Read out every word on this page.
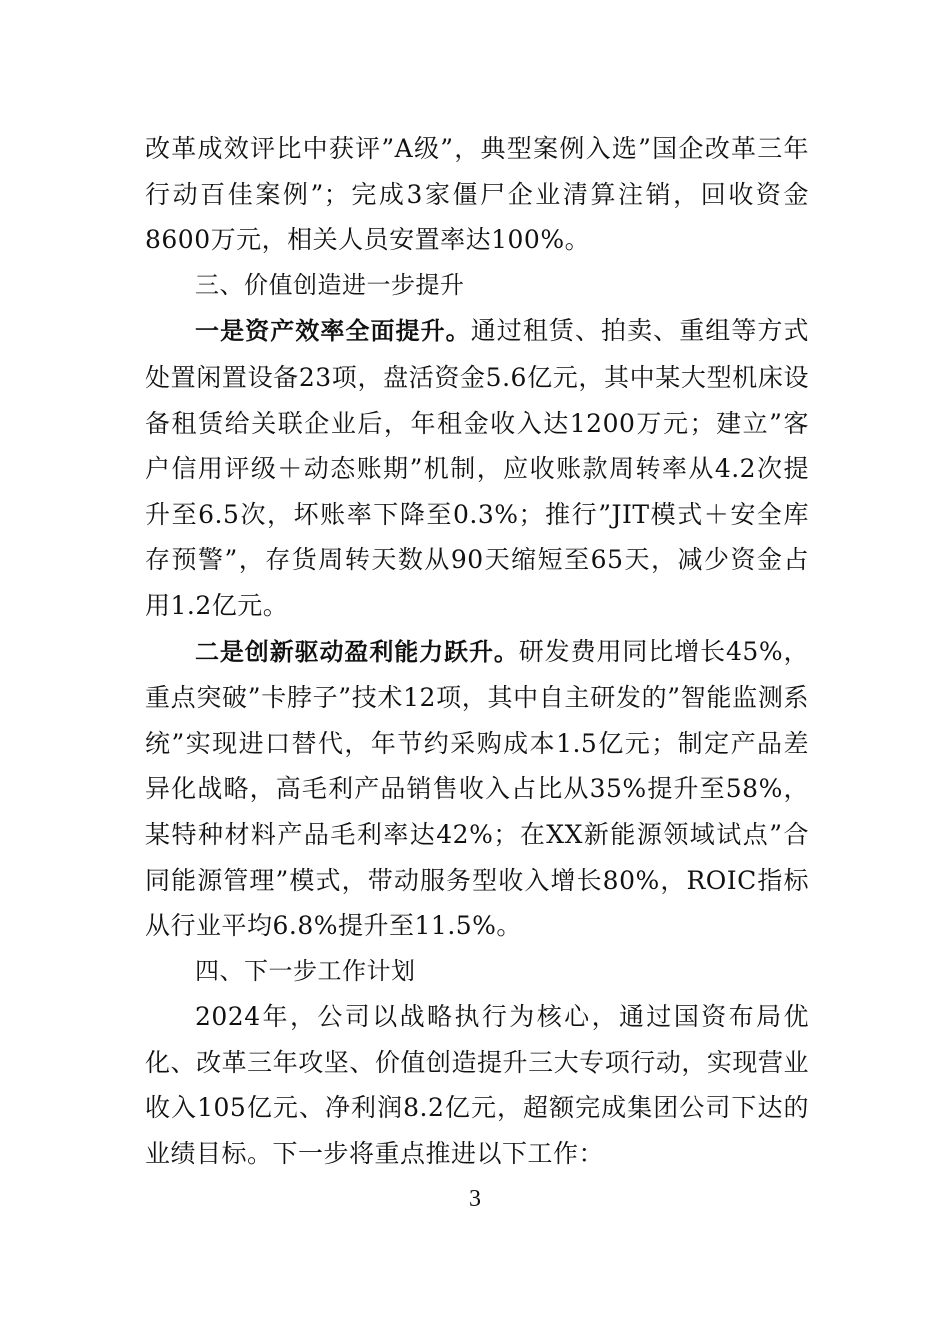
改革成效评比中获评”A级”，典型案例入选”国企改革三年行动百佳案例”；完成3家僵尸企业清算注销，回收资金8600万元，相关人员安置率达100%。

三、价值创造进一步提升

一是资产效率全面提升。通过租赁、拍卖、重组等方式处置闲置设备23项，盘活资金5.6亿元，其中某大型机床设备租赁给关联企业后，年租金收入达1200万元；建立”客户信用评级＋动态账期”机制，应收账款周转率从4.2次提升至6.5次，坏账率下降至0.3%；推行”JIT模式＋安全库存预警”，存货周转天数从90天缩短至65天，减少资金占用1.2亿元。

二是创新驱动盈利能力跃升。研发费用同比增长45%，重点突破”卡脖子”技术12项，其中自主研发的”智能监测系统”实现进口替代，年节约采购成本1.5亿元；制定产品差异化战略，高毛利产品销售收入占比从35%提升至58%，某特种材料产品毛利率达42%；在XX新能源领域试点”合同能源管理”模式，带动服务型收入增长80%，ROIC指标从行业平均6.8%提升至11.5%。

四、下一步工作计划

2024年，公司以战略执行为核心，通过国资布局优化、改革三年攻坚、价值创造提升三大专项行动，实现营业收入105亿元、净利润8.2亿元，超额完成集团公司下达的业绩目标。下一步将重点推进以下工作：

3
